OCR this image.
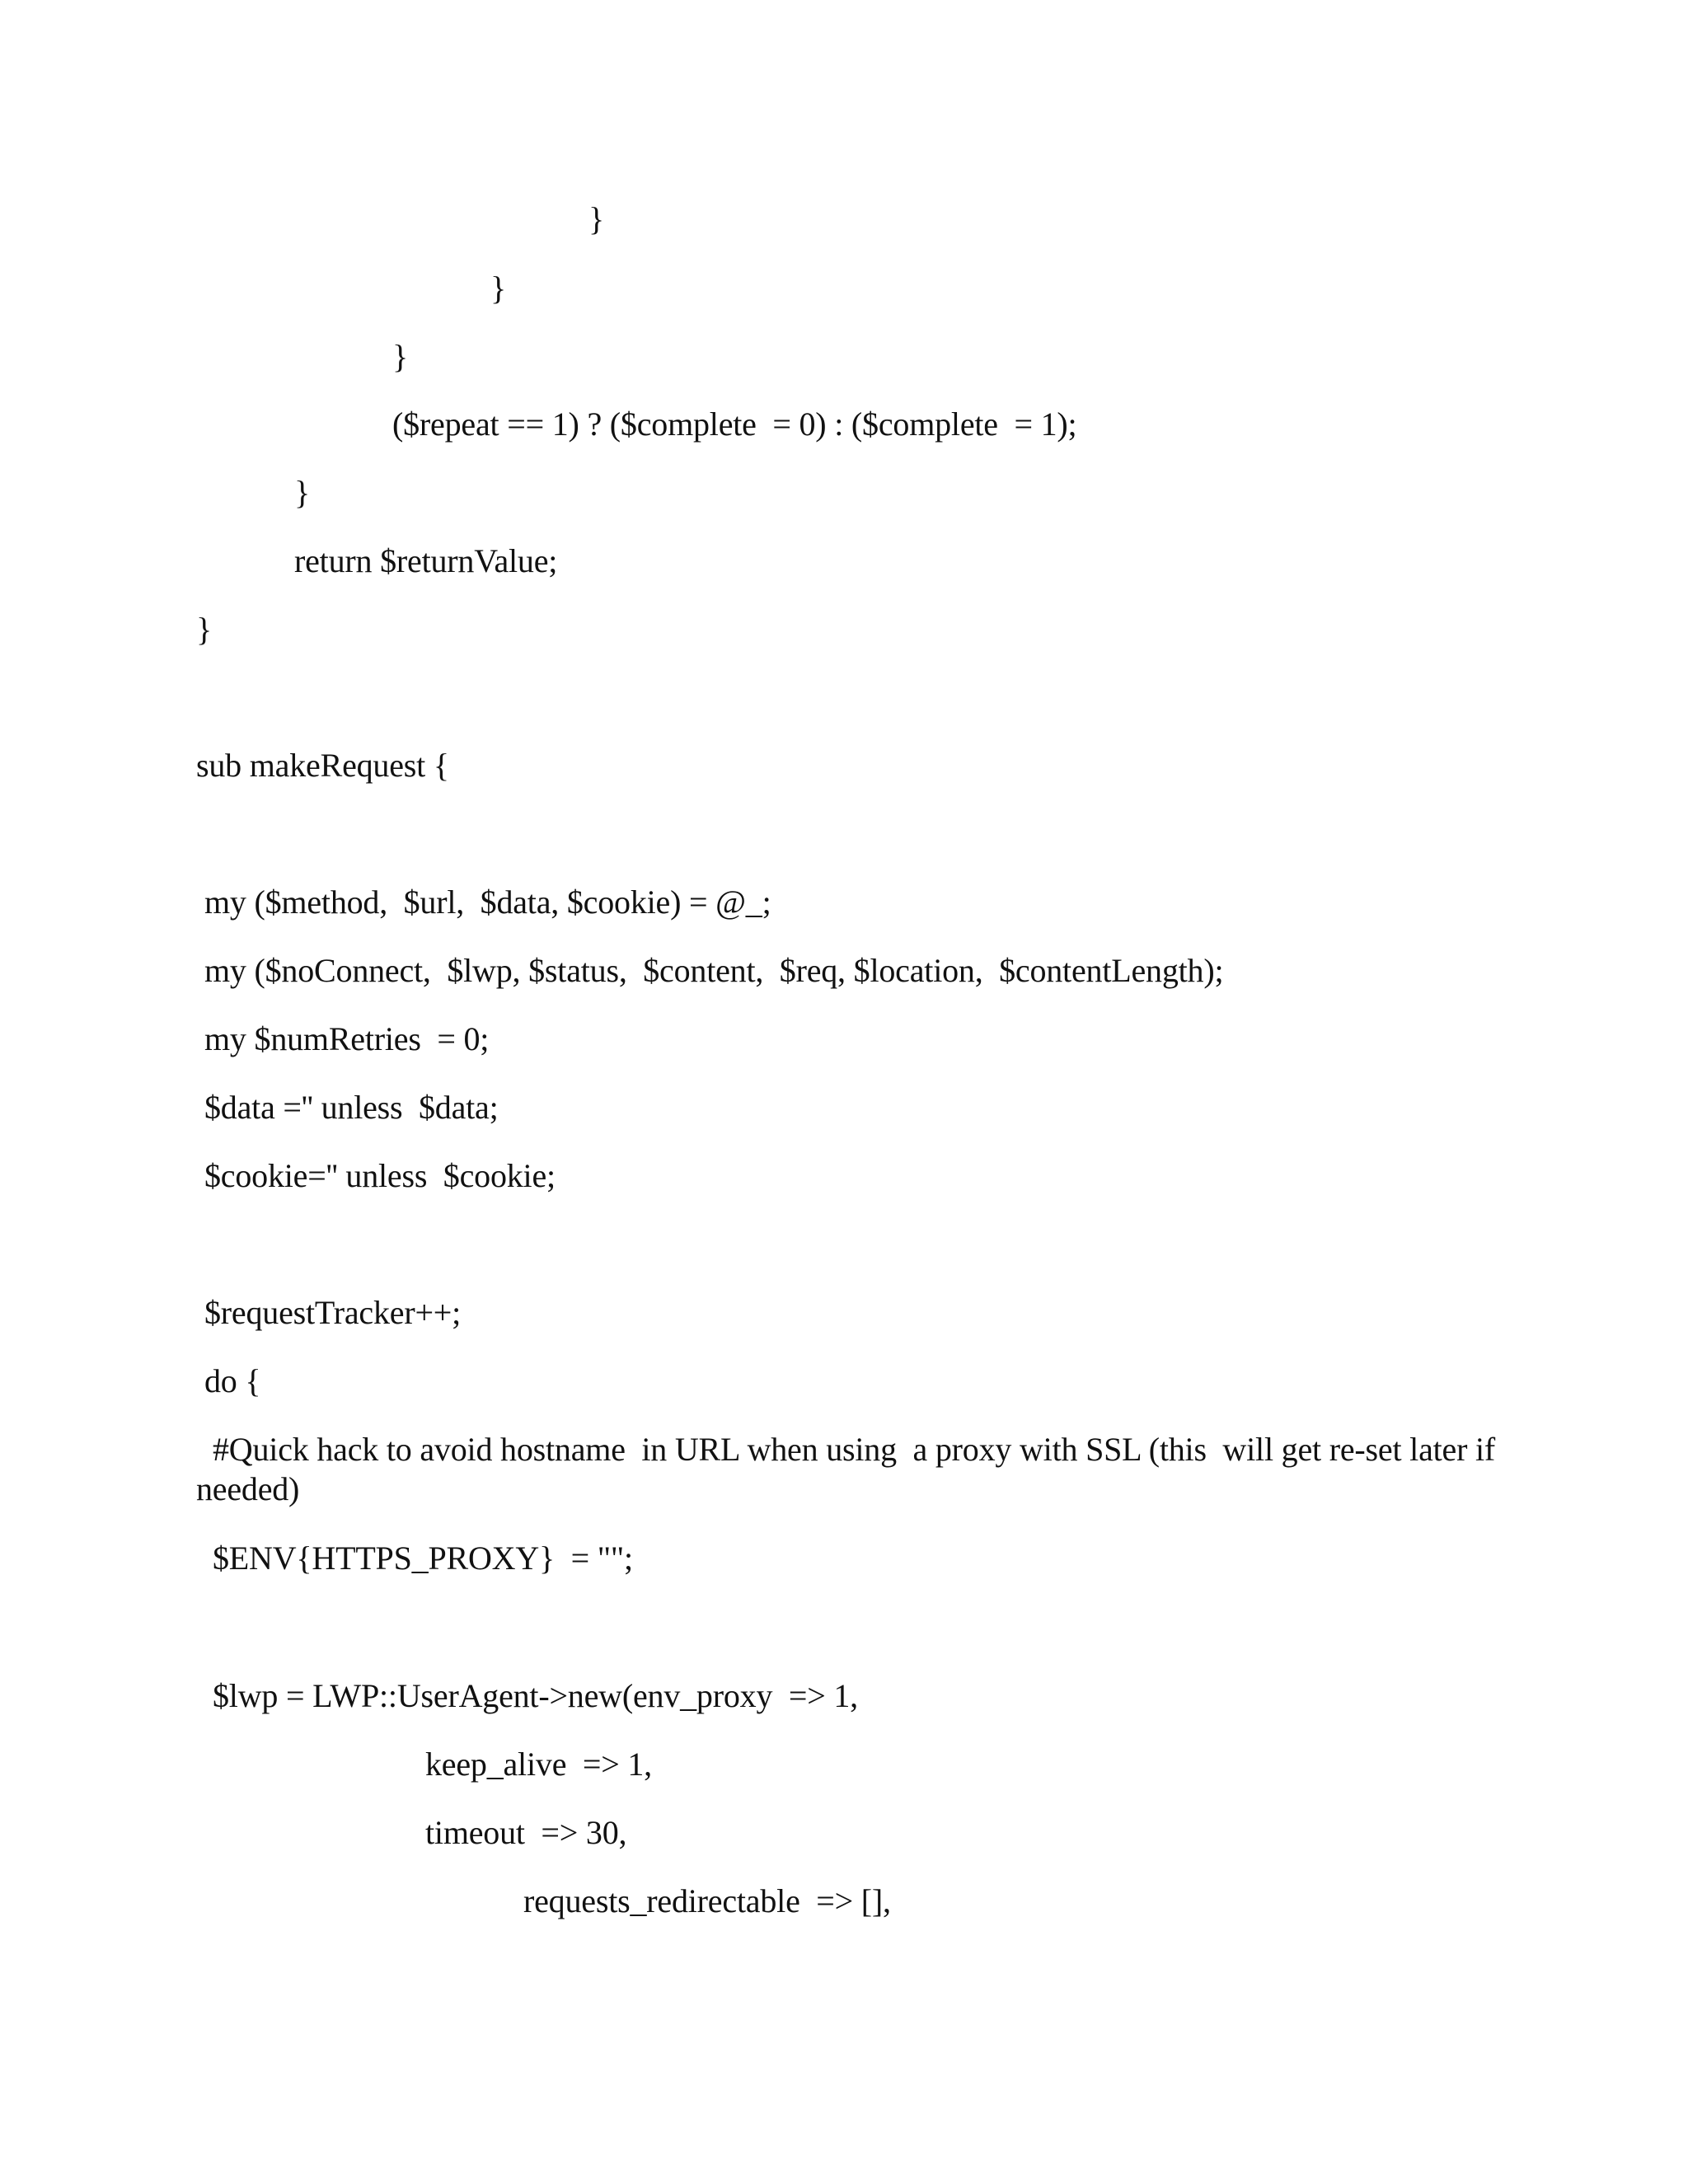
}
}
}
($repeat == 1) ? ($complete  = 0) : ($complete  = 1);
}
return $returnValue;
}
sub makeRequest {
my ($method,  $url,  $data, $cookie) = @_;
my ($noConnect,  $lwp, $status,  $content,  $req, $location,  $contentLength);
my $numRetries  = 0;
$data ='' unless  $data;
$cookie='' unless  $cookie;
$requestTracker++;
do {
#Quick hack to avoid hostname  in URL when using  a proxy with SSL (this  will get re-set later if needed)
$ENV{HTTPS_PROXY}  = "";
$lwp = LWP::UserAgent->new(env_proxy  => 1,
keep_alive  => 1,
timeout  => 30,
requests_redirectable  => [],
